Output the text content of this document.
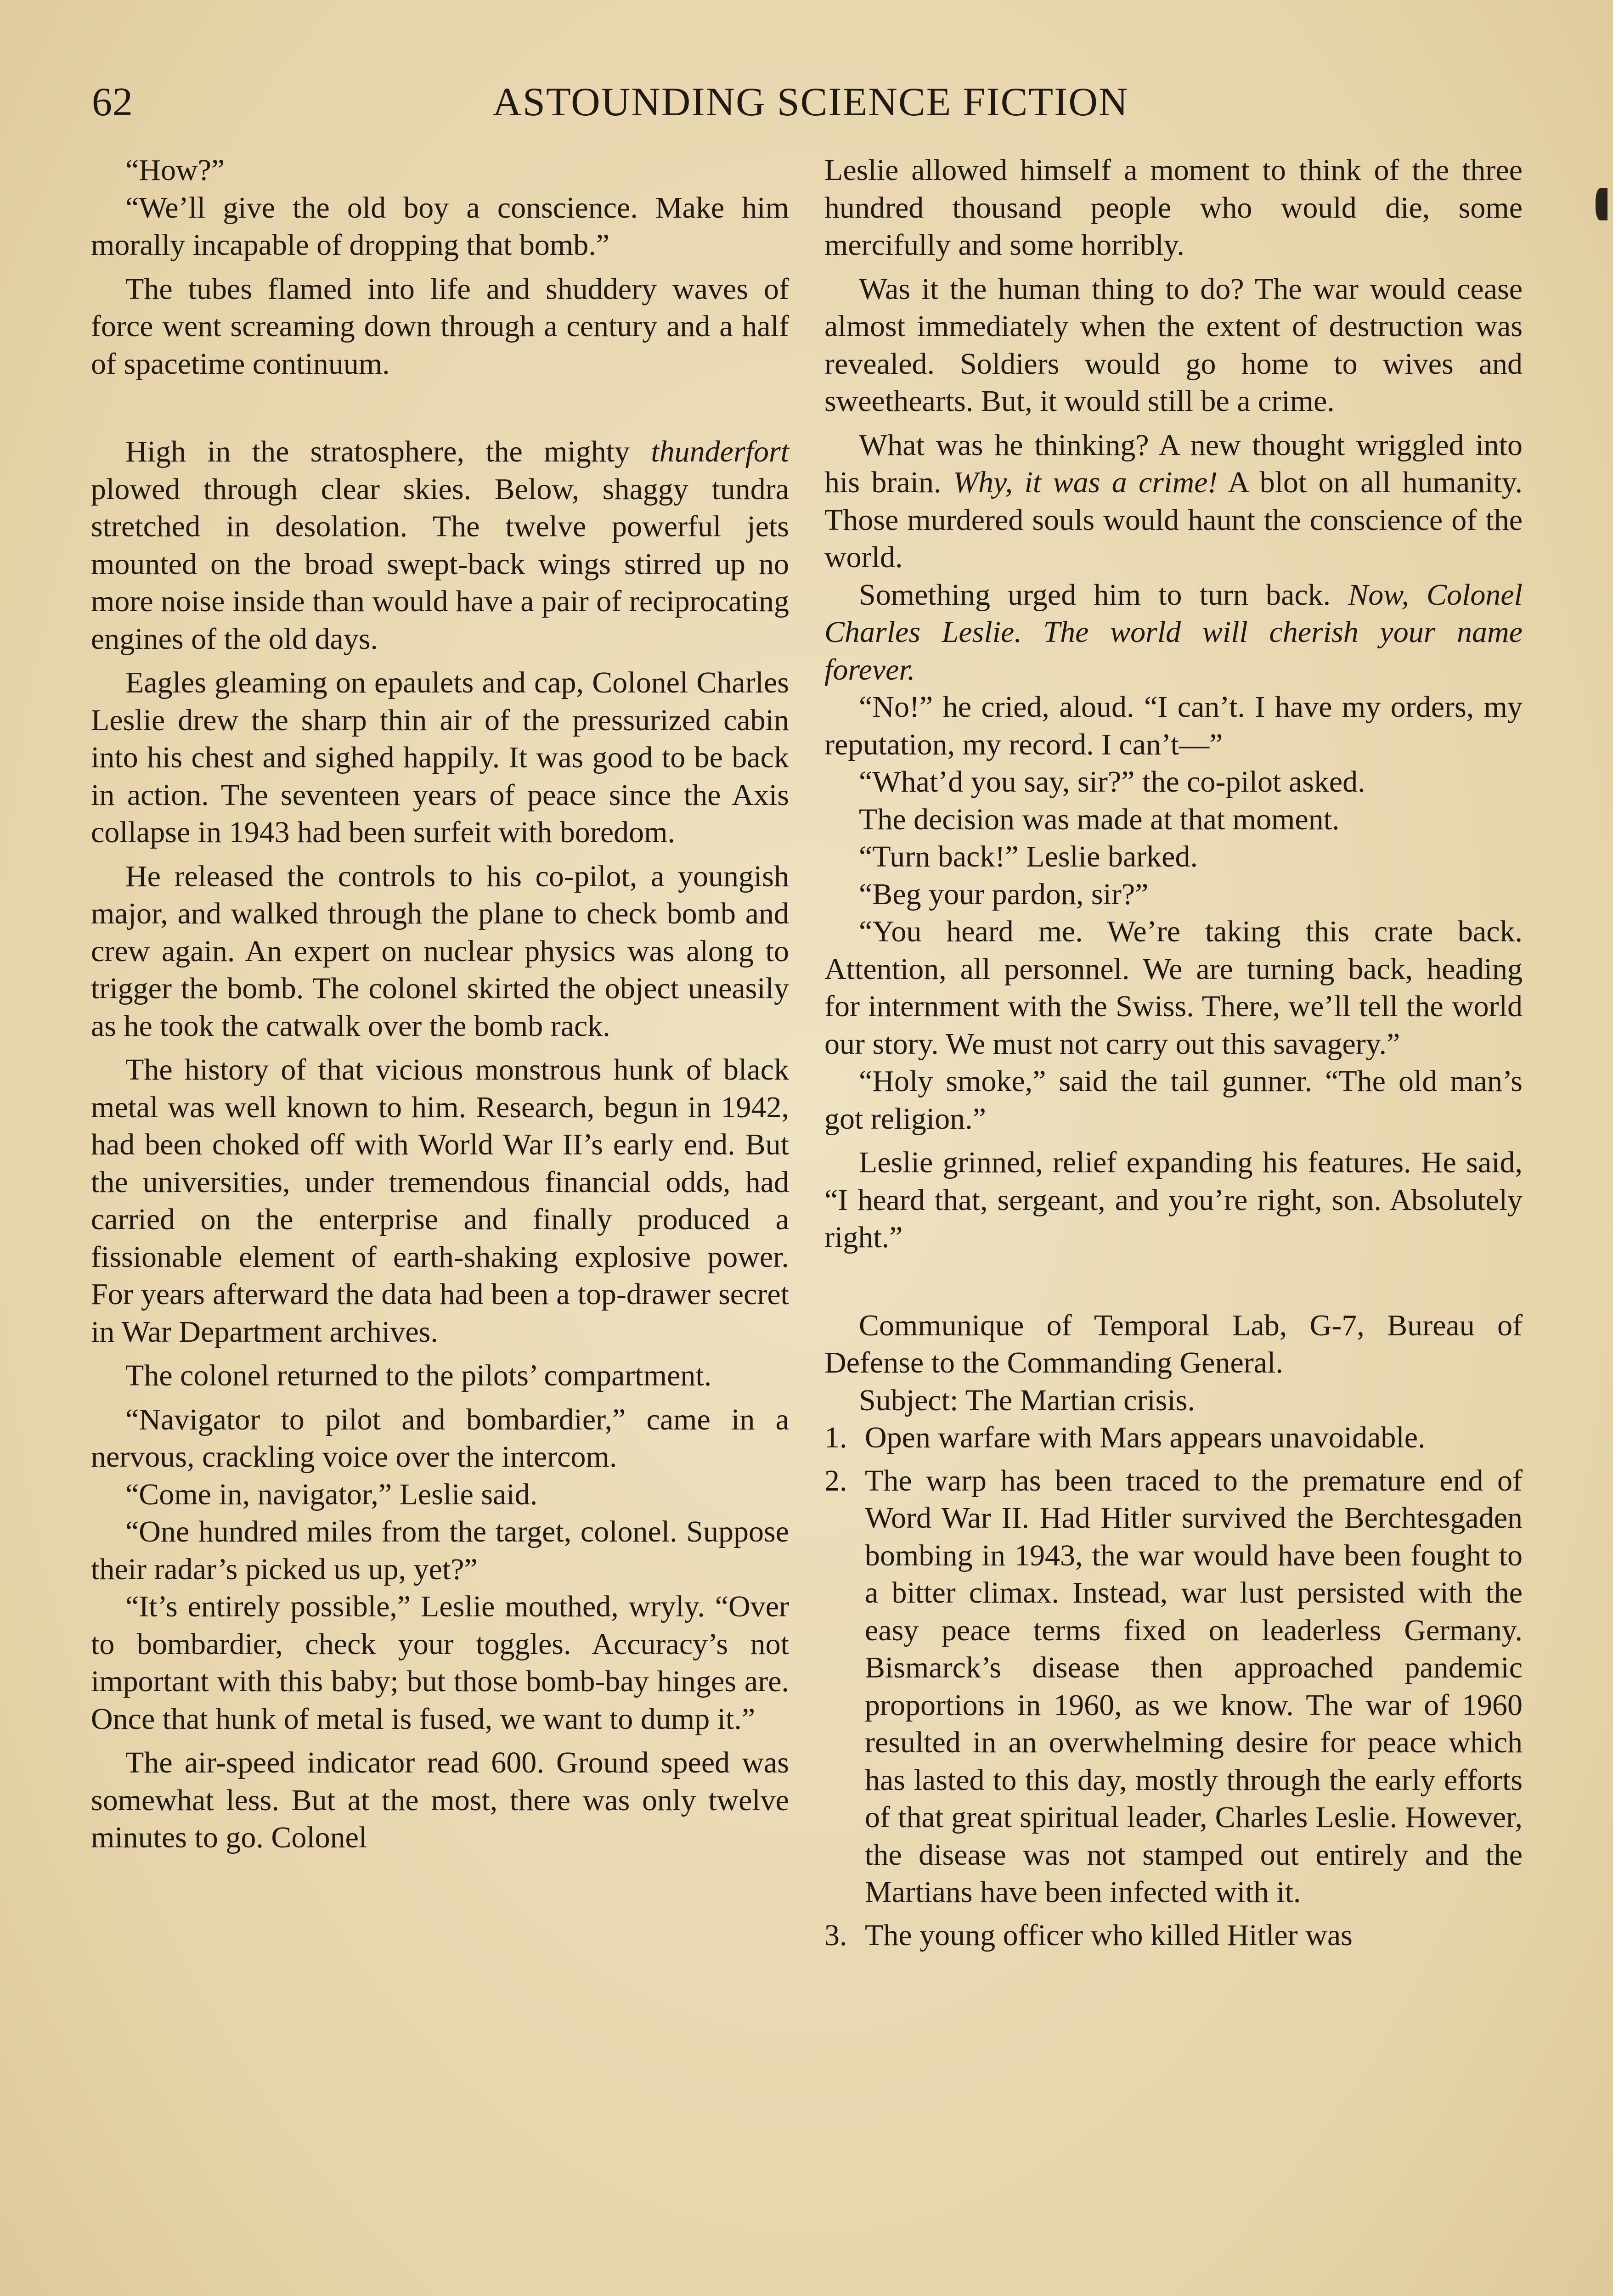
62	ASTOUNDING SCIENCE FICTION

“How?”

“We’ll give the old boy a conscience. Make him morally incapable of dropping that bomb.”

The tubes flamed into life and shuddery waves of force went screaming down through a century and a half of spacetime continuum.

High in the stratosphere, the mighty thunderfort plowed through clear skies. Below, shaggy tundra stretched in desolation. The twelve powerful jets mounted on the broad swept-back wings stirred up no more noise inside than would have a pair of reciprocating engines of the old days.

Eagles gleaming on epaulets and cap, Colonel Charles Leslie drew the sharp thin air of the pressurized cabin into his chest and sighed happily. It was good to be back in action. The seventeen years of peace since the Axis collapse in 1943 had been surfeit with boredom.

He released the controls to his co-pilot, a youngish major, and walked through the plane to check bomb and crew again. An expert on nuclear physics was along to trigger the bomb. The colonel skirted the object uneasily as he took the catwalk over the bomb rack.

The history of that vicious monstrous hunk of black metal was well known to him. Research, begun in 1942, had been choked off with World War II’s early end. But the universities, under tremendous financial odds, had carried on the enterprise and finally produced a fissionable element of earth-shaking explosive power. For years afterward the data had been a top-drawer secret in War Department archives.

The colonel returned to the pilots’ compartment.

“Navigator to pilot and bombardier,” came in a nervous, crackling voice over the intercom.

“Come in, navigator,” Leslie said.

“One hundred miles from the target, colonel. Suppose their radar’s picked us up, yet?”

“It’s entirely possible,” Leslie mouthed, wryly. “Over to bombardier, check your toggles. Accuracy’s not important with this baby; but those bomb-bay hinges are. Once that hunk of metal is fused, we want to dump it.”

The air-speed indicator read 600. Ground speed was somewhat less. But at the most, there was only twelve minutes to go. Colonel

Leslie allowed himself a moment to think of the three hundred thousand people who would die, some mercifully and some horribly.

Was it the human thing to do? The war would cease almost immediately when the extent of destruction was revealed. Soldiers would go home to wives and sweethearts. But, it would still be a crime.

What was he thinking? A new thought wriggled into his brain. Why, it was a crime! A blot on all humanity. Those murdered souls would haunt the conscience of the world.

Something urged him to turn back. Now, Colonel Charles Leslie. The world will cherish your name forever.

“No!” he cried, aloud. “I can’t. I have my orders, my reputation, my record. I can’t—”

“What’d you say, sir?” the co-pilot asked.

The decision was made at that moment.

“Turn back!” Leslie barked.

“Beg your pardon, sir?”

“You heard me. We’re taking this crate back. Attention, all personnel. We are turning back, heading for internment with the Swiss. There, we’ll tell the world our story. We must not carry out this savagery.”

“Holy smoke,” said the tail gunner. “The old man’s got religion.”

Leslie grinned, relief expanding his features. He said, “I heard that, sergeant, and you’re right, son. Absolutely right.”

Communique of Temporal Lab, G-7, Bureau of Defense to the Commanding General.

Subject: The Martian crisis.

1. Open warfare with Mars appears unavoidable.
2. The warp has been traced to the premature end of Word War II. Had Hitler survived the Berchtesgaden bombing in 1943, the war would have been fought to a bitter climax. Instead, war lust persisted with the easy peace terms fixed on leaderless Germany. Bismarck’s disease then approached pandemic proportions in 1960, as we know. The war of 1960 resulted in an overwhelming desire for peace which has lasted to this day, mostly through the early efforts of that great spiritual leader, Charles Leslie. However, the disease was not stamped out entirely and the Martians have been infected with it.
3. The young officer who killed Hitler was
